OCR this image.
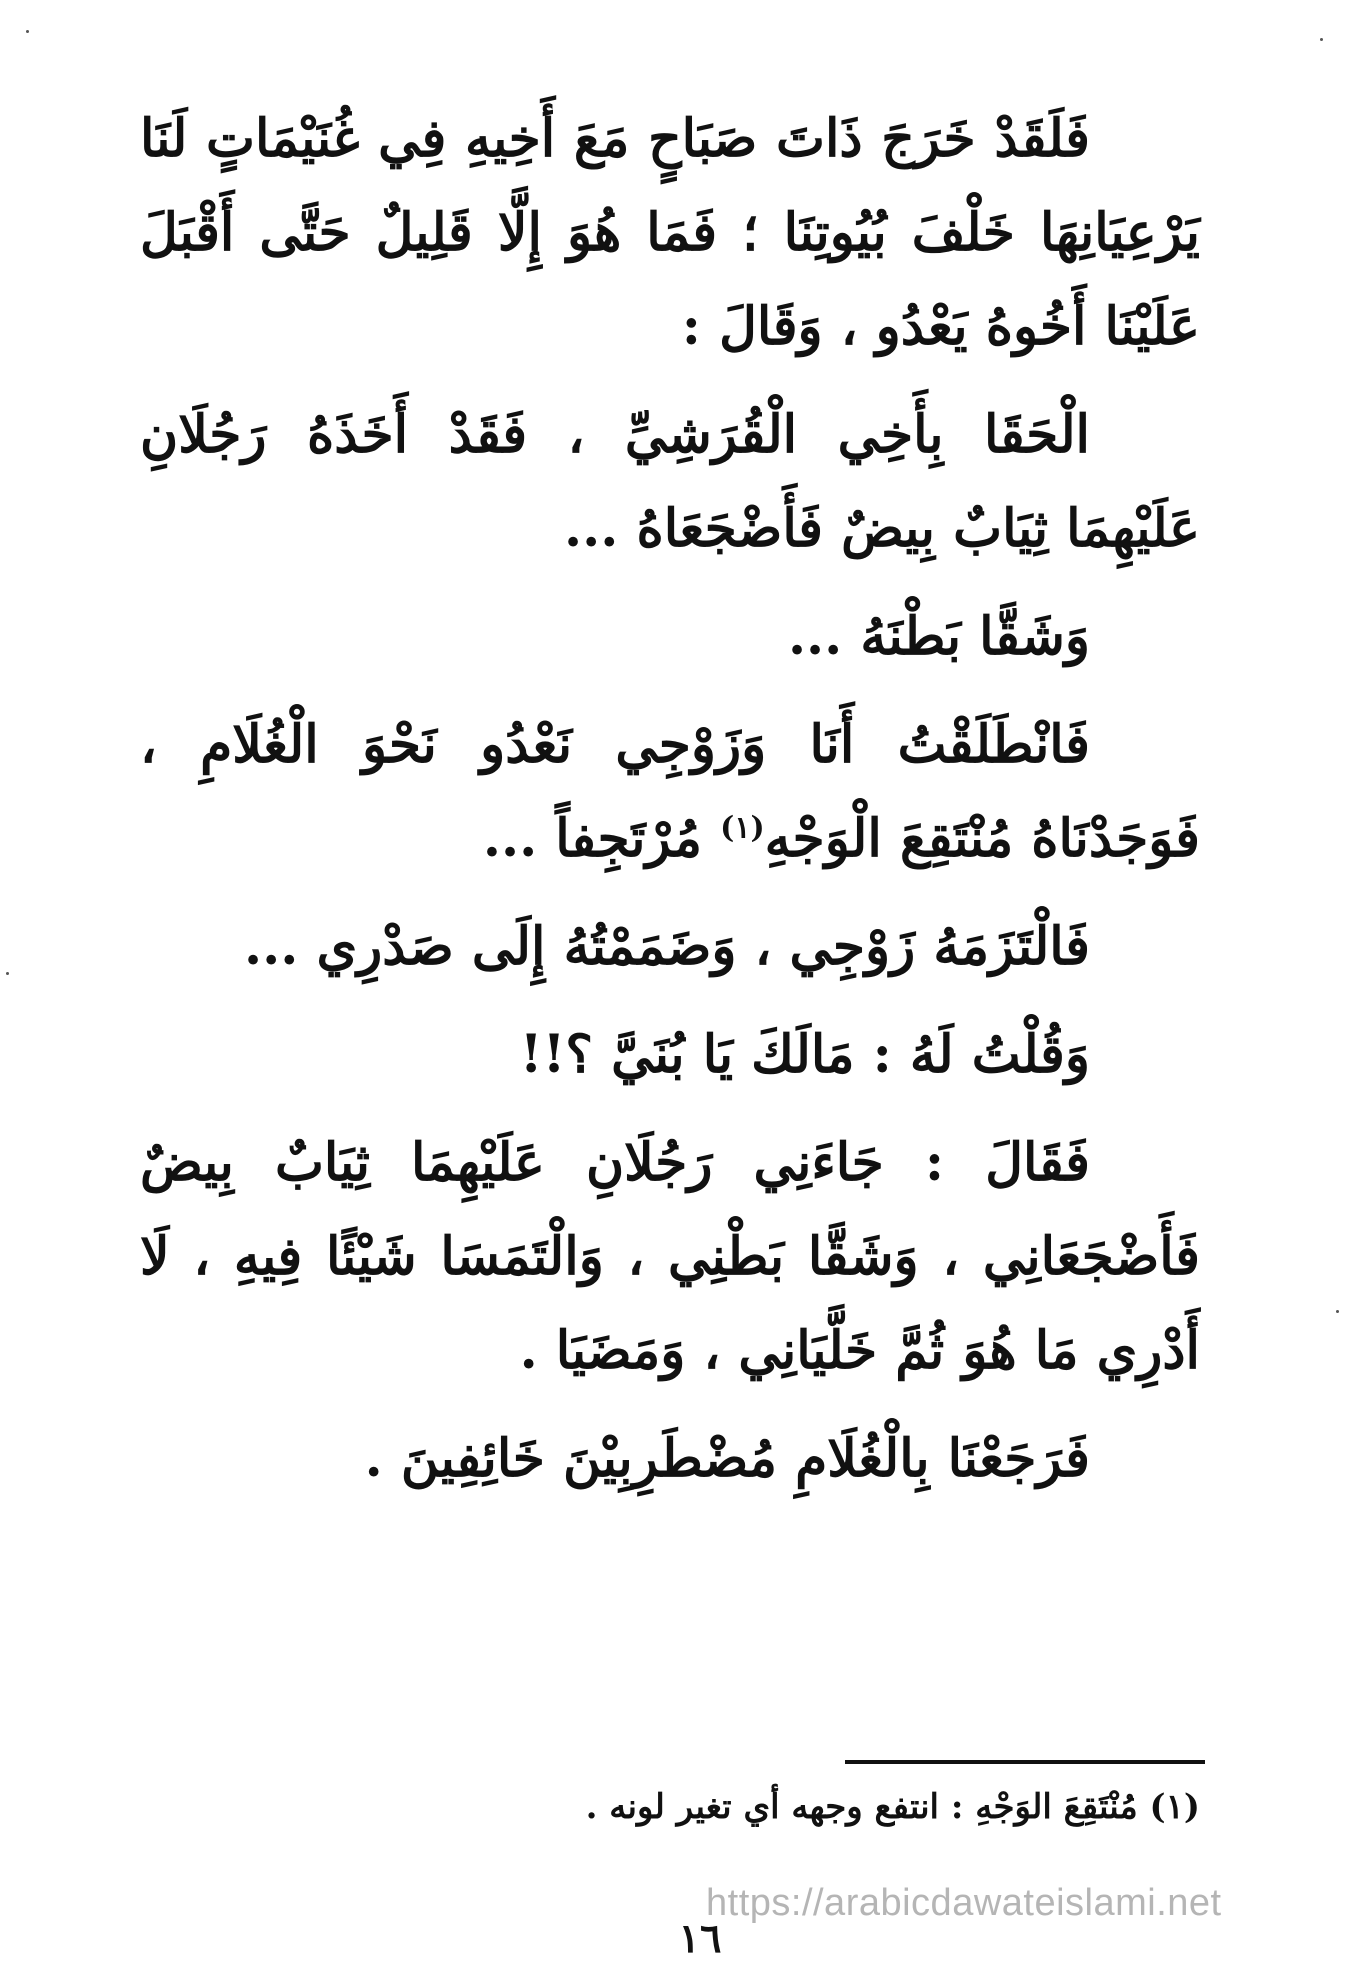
فَلَقَدْ خَرَجَ ذَاتَ صَبَاحٍ مَعَ أَخِيهِ فِي غُنَيْمَاتٍ لَنَا يَرْعِيَانِهَا خَلْفَ بُيُوتِنَا ؛ فَمَا هُوَ إِلَّا قَلِيلٌ حَتَّى أَقْبَلَ عَلَيْنَا أَخُوهُ يَعْدُو ، وَقَالَ :

الْحَقَا بِأَخِي الْقُرَشِيِّ ، فَقَدْ أَخَذَهُ رَجُلَانِ عَلَيْهِمَا ثِيَابٌ بِيضٌ فَأَضْجَعَاهُ ...

وَشَقَّا بَطْنَهُ ...

فَانْطَلَقْتُ أَنَا وَزَوْجِي نَعْدُو نَحْوَ الْغُلَامِ ، فَوَجَدْنَاهُ مُنْتَقِعَ الْوَجْهِ$^{(١)}$ مُرْتَجِفاً ...

فَالْتَزَمَهُ زَوْجِي ، وَضَمَمْتُهُ إِلَى صَدْرِي ...

وَقُلْتُ لَهُ : مَالَكَ يَا بُنَيَّ ؟!!

فَقَالَ : جَاءَنِي رَجُلَانِ عَلَيْهِمَا ثِيَابٌ بِيضٌ فَأَضْجَعَانِي ، وَشَقَّا بَطْنِي ، وَالْتَمَسَا شَيْئًا فِيهِ ، لَا أَدْرِي مَا هُوَ ثُمَّ خَلَّيَانِي ، وَمَضَيَا .

فَرَجَعْنَا بِالْغُلَامِ مُضْطَرِبِيْنَ خَائِفِينَ .

(١) مُنْتَقِعَ الوَجْهِ : انتفع وجهه أي تغير لونه .
https://arabicdawateislami.net
١٦
